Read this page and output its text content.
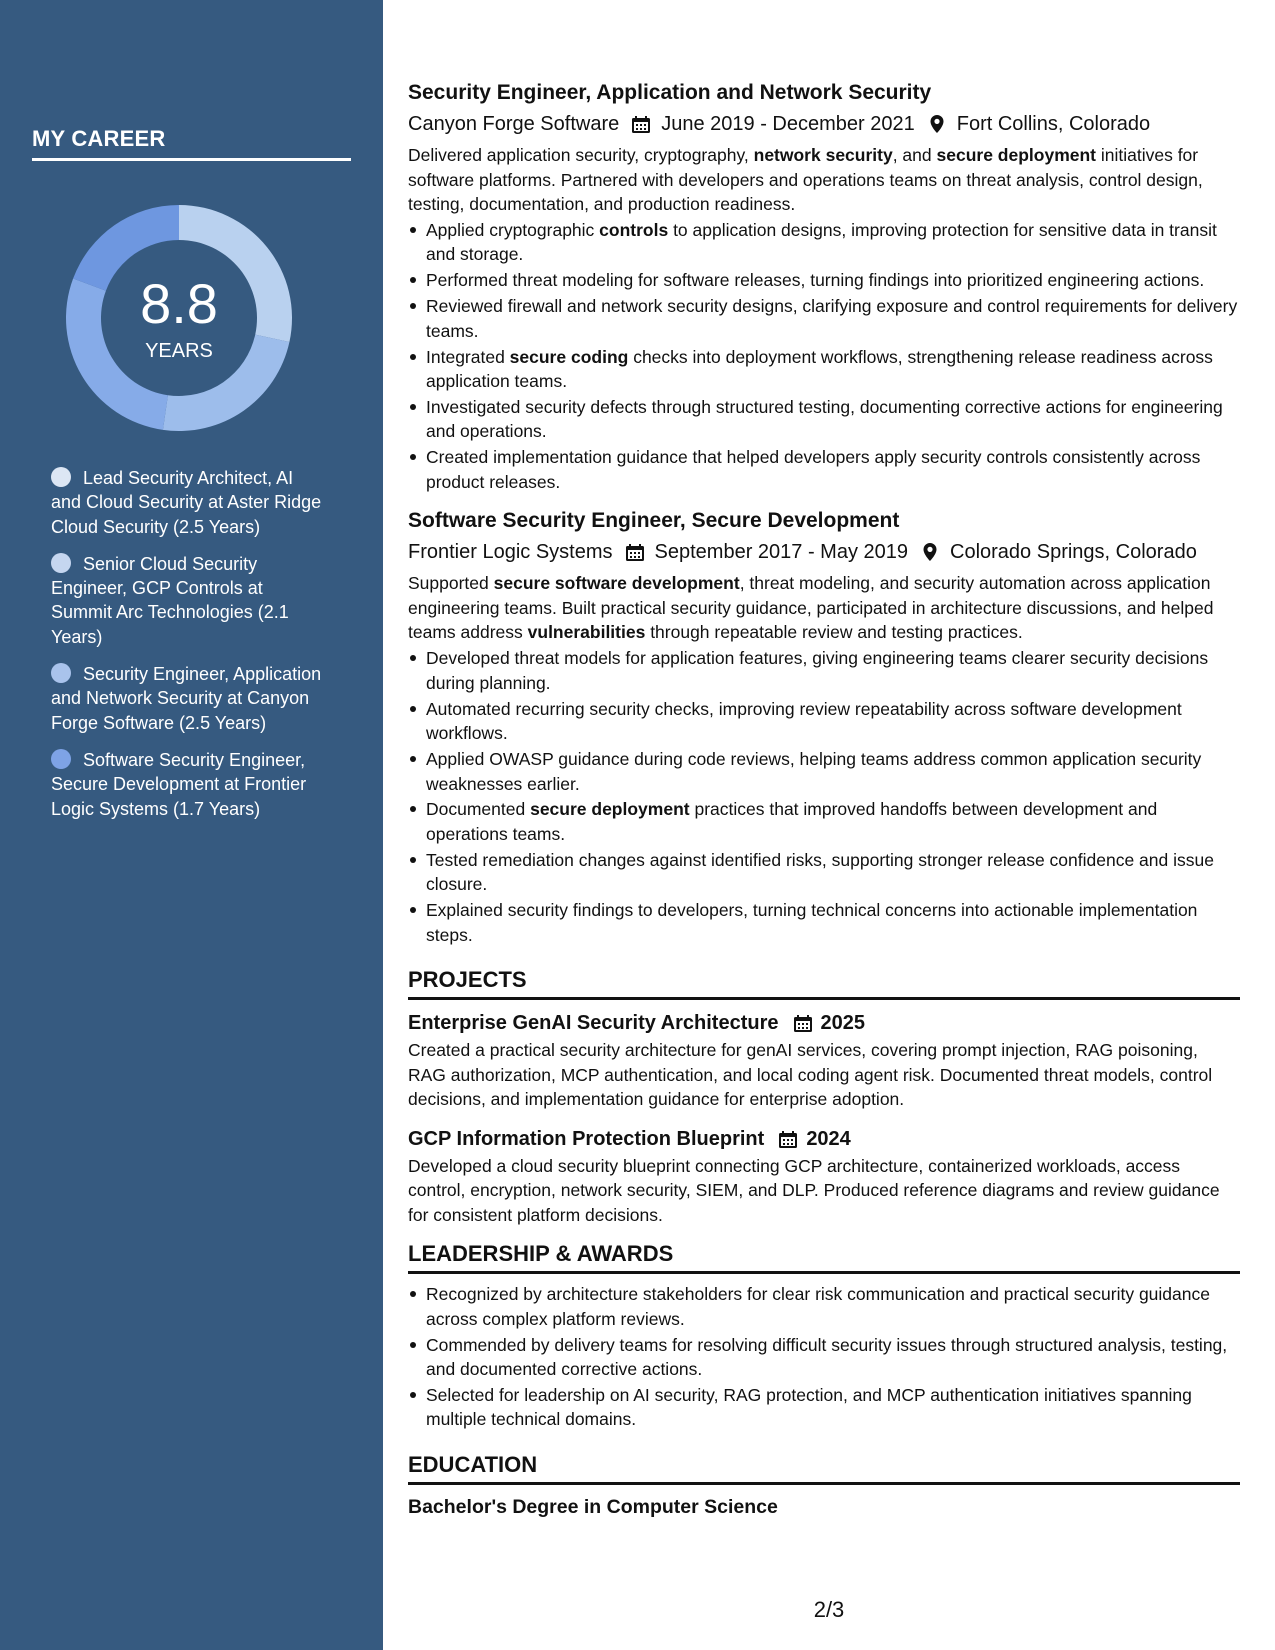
MY CAREER
8.8
YEARS
Lead Security Architect, AI and Cloud Security at Aster Ridge Cloud Security (2.5 Years)
Senior Cloud Security Engineer, GCP Controls at Summit Arc Technologies (2.1 Years)
Security Engineer, Application and Network Security at Canyon Forge Software (2.5 Years)
Software Security Engineer, Secure Development at Frontier Logic Systems (1.7 Years)
Security Engineer, Application and Network Security
Canyon Forge Software June 2019 - December 2021 Fort Collins, Colorado
Delivered application security, cryptography, network security, and secure deployment initiatives for software platforms. Partnered with developers and operations teams on threat analysis, control design, testing, documentation, and production readiness.
Applied cryptographic controls to application designs, improving protection for sensitive data in transit and storage.
Performed threat modeling for software releases, turning findings into prioritized engineering actions.
Reviewed firewall and network security designs, clarifying exposure and control requirements for delivery teams.
Integrated secure coding checks into deployment workflows, strengthening release readiness across application teams.
Investigated security defects through structured testing, documenting corrective actions for engineering and operations.
Created implementation guidance that helped developers apply security controls consistently across product releases.
Software Security Engineer, Secure Development
Frontier Logic Systems September 2017 - May 2019 Colorado Springs, Colorado
Supported secure software development, threat modeling, and security automation across application engineering teams. Built practical security guidance, participated in architecture discussions, and helped teams address vulnerabilities through repeatable review and testing practices.
Developed threat models for application features, giving engineering teams clearer security decisions during planning.
Automated recurring security checks, improving review repeatability across software development workflows.
Applied OWASP guidance during code reviews, helping teams address common application security weaknesses earlier.
Documented secure deployment practices that improved handoffs between development and operations teams.
Tested remediation changes against identified risks, supporting stronger release confidence and issue closure.
Explained security findings to developers, turning technical concerns into actionable implementation steps.
PROJECTS
Enterprise GenAI Security Architecture 2025
Created a practical security architecture for genAI services, covering prompt injection, RAG poisoning, RAG authorization, MCP authentication, and local coding agent risk. Documented threat models, control decisions, and implementation guidance for enterprise adoption.
GCP Information Protection Blueprint 2024
Developed a cloud security blueprint connecting GCP architecture, containerized workloads, access control, encryption, network security, SIEM, and DLP. Produced reference diagrams and review guidance for consistent platform decisions.
LEADERSHIP & AWARDS
Recognized by architecture stakeholders for clear risk communication and practical security guidance across complex platform reviews.
Commended by delivery teams for resolving difficult security issues through structured analysis, testing, and documented corrective actions.
Selected for leadership on AI security, RAG protection, and MCP authentication initiatives spanning multiple technical domains.
EDUCATION
Bachelor's Degree in Computer Science
2/3
